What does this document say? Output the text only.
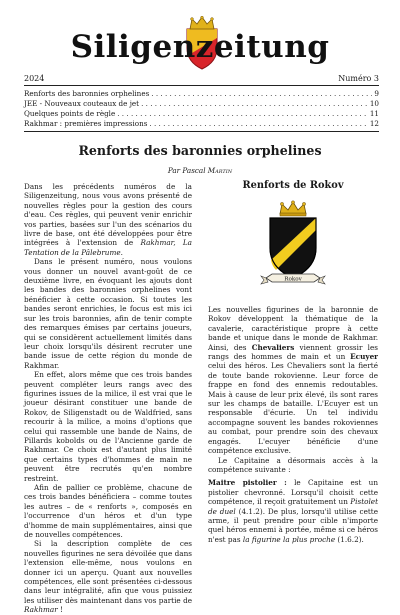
Siligenzeitung
2024	Numéro 3
Renforts des baronnies orphelines . . .	9
JEE - Nouveaux couteaux de jet . . .	10
Quelques points de règle . . .	11
Rakhmar : premières impressions . . .	12
Renforts des baronnies orphelines
Par Pascal Martin

Dans les précédents numéros de la Siligenzeitung, nous vous avons présenté de nouvelles règles pour la gestion des cours d'eau. Ces règles, qui peuvent venir enrichir vos parties, basées sur l'un des scénarios du livre de base, ont été développées pour être intégrées à l'extension de Rakhmar, La Tentation de la Pâlebrume.

Dans le présent numéro, nous voulons vous donner un nouvel avant-goût de ce deuxième livre, en évoquant les ajouts dont les bandes des baronnies orphelines vont bénéficier à cette occasion. Si toutes les bandes seront enrichies, le focus est mis ici sur les trois baronnies, afin de tenir compte des remarques émises par certains joueurs, qui se considèrent actuellement limités dans leur choix lorsqu'ils désirent recruter une bande issue de cette région du monde de Rakhmar.

En effet, alors même que ces trois bandes peuvent compléter leurs rangs avec des figurines issues de la milice, il est vrai que le joueur désirant constituer une bande de Rokov, de Siligenstadt ou de Waldfried, sans recourir à la milice, a moins d'options que celui qui rassemble une bande de Nains, de Pillards kobolds ou de l'Ancienne garde de Rakhmar. Ce choix est d'autant plus limité que certains types d'hommes de main ne peuvent être recrutés qu'en nombre restreint.

Afin de pallier ce problème, chacune de ces trois bandes bénéficiera – comme toutes les autres – de « renforts », composés en l'occurrence d'un héros et d'un type d'homme de main supplémentaires, ainsi que de nouvelles compétences.

Si la description complète de ces nouvelles figurines ne sera dévoilée que dans l'extension elle-même, nous voulons en donner ici un aperçu. Quant aux nouvelles compétences, elle sont présentées ci-dessous dans leur intégralité, afin que vous puissiez les utiliser dès maintenant dans vos partie de Rakhmar !

Renforts de Rokov
Rokov

Les nouvelles figurines de la baronnie de Rokov développent la thématique de la cavalerie, caractéristique propre à cette bande et unique dans le monde de Rakhmar. Ainsi, des Chevaliers viennent grossir les rangs des hommes de main et un Ecuyer celui des héros. Les Chevaliers sont la fierté de toute bande rokovienne. Leur force de frappe en fond des ennemis redoutables. Mais à cause de leur prix élevé, ils sont rares sur les champs de bataille. L'Ecuyer est un responsable d'écurie. Un tel individu accompagne souvent les bandes rokoviennes au combat, pour prendre soin des chevaux engagés. L'ecuyer bénéficie d'une compétence exclusive.

Le Capitaine a désormais accès à la compétence suivante :

Maitre pistolier : le Capitaine est un pistolier chevronné. Lorsqu'il choisit cette compétence, il reçoit gratuitement un Pistolet de duel (4.1.2). De plus, lorsqu'il utilise cette arme, il peut prendre pour cible n'importe quel héros ennemi à portée, même si ce héros n'est pas la figurine la plus proche (1.6.2).
